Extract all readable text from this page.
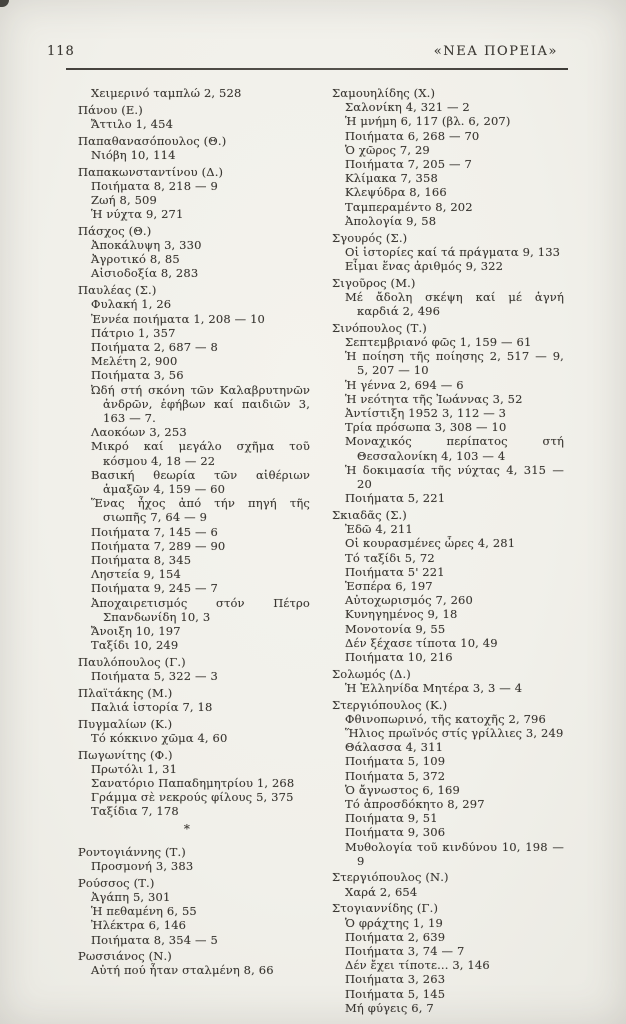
118	«ΝΕΑ ΠΟΡΕΙΑ»
Χειμερινό ταμπλώ 2, 528
Πάνου (Ε.)
Ἄττιλο 1, 454
Παπαθανασόπουλος (Θ.)
Νιόβη 10, 114
Παπακωνσταντίνου (Δ.)
Ποιήματα 8, 218 — 9
Ζωή 8, 509
Ἡ νύχτα 9, 271
Πάσχος (Θ.)
Ἀποκάλυψη 3, 330
Ἀγροτικό 8, 85
Αἰσιοδοξία 8, 283
Παυλέας (Σ.)
Φυλακή 1, 26
Ἐννέα ποιήματα 1, 208 — 10
Πάτριο 1, 357
Ποιήματα 2, 687 — 8
Μελέτη 2, 900
Ποιήματα 3, 56
Ὠδή στή σκόνη τῶν Καλαβρυτηνῶν ἀνδρῶν, ἐφήβων καί παιδιῶν 3, 163 — 7.
Λαοκόων 3, 253
Μικρό καί μεγάλο σχῆμα τοῦ κόσμου 4, 18 — 22
Βασική θεωρία τῶν αἰθέριων ἁμαξῶν 4, 159 — 60
Ἕνας ἦχος ἀπό τήν πηγή τῆς σιωπῆς 7, 64 — 9
Ποιήματα 7, 145 — 6
Ποιήματα 7, 289 — 90
Ποιήματα 8, 345
Ληστεία 9, 154
Ποιήματα 9, 245 — 7
Ἀποχαιρετισμός στόν Πέτρο Σπανδωνίδη 10, 3
Ἄνοιξη 10, 197
Ταξίδι 10, 249
Παυλόπουλος (Γ.)
Ποιήματα 5, 322 — 3
Πλαϊτάκης (Μ.)
Παλιά ἱστορία 7, 18
Πυγμαλίων (Κ.)
Τό κόκκινο χῶμα 4, 60
Πωγωνίτης (Φ.)
Πρωτόλι 1, 31
Σανατόριο Παπαδημητρίου 1, 268
Γράμμα σὲ νεκρούς φίλους 5, 375
Ταξίδια 7, 178
*
Ροντογιάννης (Τ.)
Προσμονή 3, 383
Ρούσσος (Τ.)
Ἀγάπη 5, 301
Ἡ πεθαμένη 6, 55
Ἠλέκτρα 6, 146
Ποιήματα 8, 354 — 5
Ρωσσιάνος (Ν.)
Αὐτή πού ἦταν σταλμένη 8, 66
Σαμουηλίδης (Χ.)
Σαλονίκη 4, 321 — 2
Ἡ μνήμη 6, 117 (βλ. 6, 207)
Ποιήματα 6, 268 — 70
Ὁ χῶρος 7, 29
Ποιήματα 7, 205 — 7
Κλίμακα 7, 358
Κλεψύδρα 8, 166
Ταμπεραμέντο 8, 202
Ἀπολογία 9, 58
Σγουρός (Σ.)
Οἱ ἱστορίες καί τά πράγματα 9, 133
Εἶμαι ἕνας ἀριθμός 9, 322
Σιγοῦρος (Μ.)
Μέ ἄδολη σκέψη καί μέ ἁγνή καρδιά 2, 496
Σινόπουλος (Τ.)
Σεπτεμβριανό φῶς 1, 159 — 61
Ἡ ποίηση τῆς ποίησης 2, 517 — 9, 5, 207 — 10
Ἡ γέννα 2, 694 — 6
Ἡ νεότητα τῆς Ἰωάννας 3, 52
Ἀντίστιξη 1952 3, 112 — 3
Τρία πρόσωπα 3, 308 — 10
Μοναχικός περίπατος στή Θεσσαλονίκη 4, 103 — 4
Ἡ δοκιμασία τῆς νύχτας 4, 315 — 20
Ποιήματα 5, 221
Σκιαδᾶς (Σ.)
Ἐδῶ 4, 211
Οἱ κουρασμένες ὧρες 4, 281
Τό ταξίδι 5, 72
Ποιήματα 5' 221
Ἑσπέρα 6, 197
Αὐτοχωρισμός 7, 260
Κυνηγημένος 9, 18
Μονοτονία 9, 55
Δέν ξέχασε τίποτα 10, 49
Ποιήματα 10, 216
Σολωμός (Δ.)
Ἡ Ἑλληνίδα Μητέρα 3, 3 — 4
Στεργιόπουλος (Κ.)
Φθινοπωρινό, τῆς κατοχῆς 2, 796
Ἥλιος πρωϊνός στίς γρίλλιες 3, 249
Θάλασσα 4, 311
Ποιήματα 5, 109
Ποιήματα 5, 372
Ὁ ἄγνωστος 6, 169
Τό ἀπροσδόκητο 8, 297
Ποιήματα 9, 51
Ποιήματα 9, 306
Μυθολογία τοῦ κινδύνου 10, 198 — 9
Στεργιόπουλος (Ν.)
Χαρά 2, 654
Στογιαννίδης (Γ.)
Ὁ φράχτης 1, 19
Ποιήματα 2, 639
Ποιήματα 3, 74 — 7
Δέν ἔχει τίποτε... 3, 146
Ποιήματα 3, 263
Ποιήματα 5, 145
Μή φύγεις 6, 7
